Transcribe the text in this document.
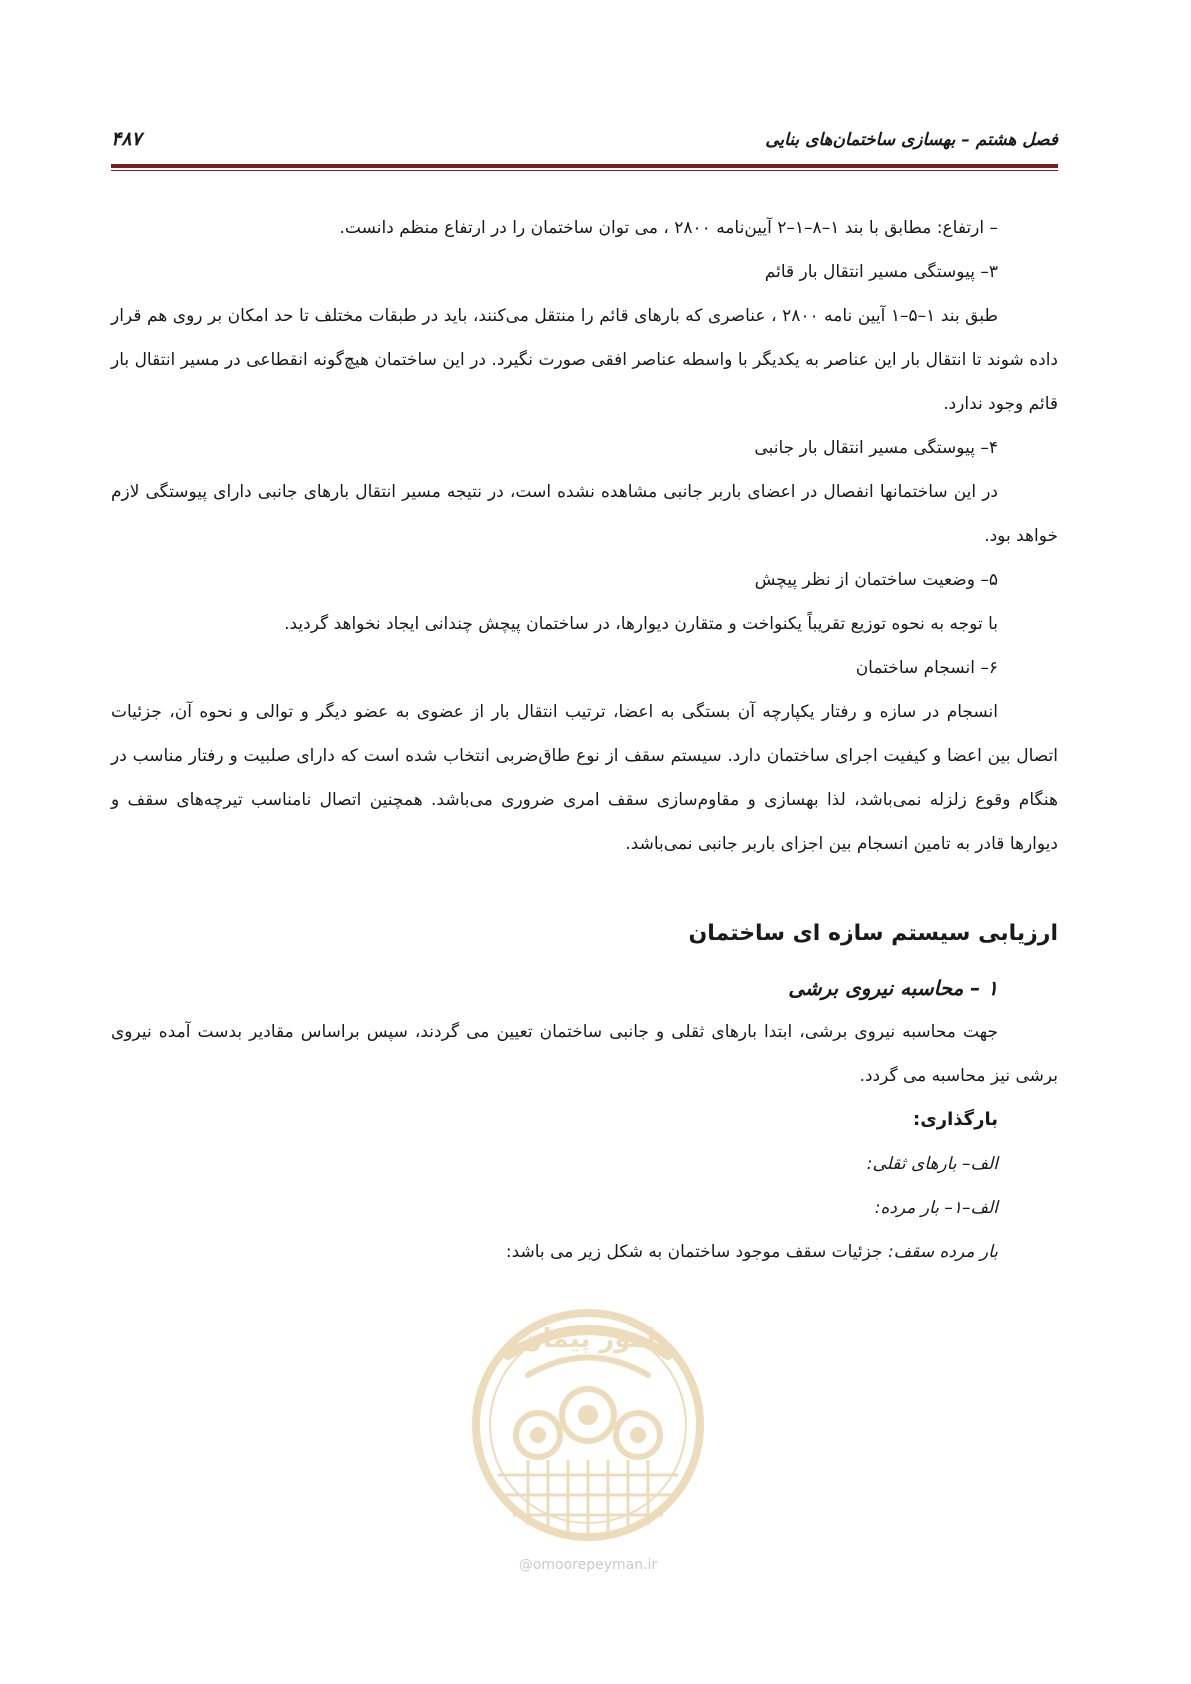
فصل هشتم – بهسازی ساختمان‌های بنایی
۴۸۷

– ارتفاع: مطابق با بند ۱–۸–۱–۲ آیین‌نامه ۲۸۰۰ ، می توان ساختمان را در ارتفاع منظم دانست.

۳– پیوستگی مسیر انتقال بار قائم

طبق بند ۱–۵–۱ آیین نامه ۲۸۰۰ ، عناصری که بارهای قائم را منتقل می‌کنند، باید در طبقات مختلف تا حد امکان بر روی هم قرار داده شوند تا انتقال بار این عناصر به یکدیگر با واسطه عناصر افقی صورت نگیرد. در این ساختمان هیچ‌گونه انقطاعی در مسیر انتقال بار قائم وجود ندارد.

۴– پیوستگی مسیر انتقال بار جانبی

در این ساختمانها انفصال در اعضای باربر جانبی مشاهده نشده است، در نتیجه مسیر انتقال بارهای جانبی دارای پیوستگی لازم خواهد بود.

۵– وضعیت ساختمان از نظر پیچش

با توجه به نحوه توزیع تقریباً یکنواخت و متقارن دیوارها، در ساختمان پیچش چندانی ایجاد نخواهد گردید.

۶– انسجام ساختمان

انسجام در سازه و رفتار یکپارچه آن بستگی به اعضا، ترتیب انتقال بار از عضوی به عضو دیگر و توالی و نحوه آن، جزئیات اتصال بین اعضا و کیفیت اجرای ساختمان دارد. سیستم سقف از نوع طاق‌ضربی انتخاب شده است که دارای صلبیت و رفتار مناسب در هنگام وقوع زلزله نمی‌باشد، لذا بهسازی و مقاوم‌سازی سقف امری ضروری می‌باشد. همچنین اتصال نامناسب تیرچه‌های سقف و دیوارها قادر به تامین انسجام بین اجزای باربر جانبی نمی‌باشد.

ارزیابی سیستم سازه ای ساختمان

۱ – محاسبه نیروی برشی

جهت محاسبه نیروی برشی، ابتدا بارهای ثقلی و جانبی ساختمان تعیین می گردند، سپس براساس مقادیر بدست آمده نیروی برشی نیز محاسبه می گردد.

بارگذاری:

الف– بارهای ثقلی:

الف–۱– بار مرده:

بار مرده سقف: جزئیات سقف موجود ساختمان به شکل زیر می باشد:

امور پیمان
@omoorepeyman.ir
